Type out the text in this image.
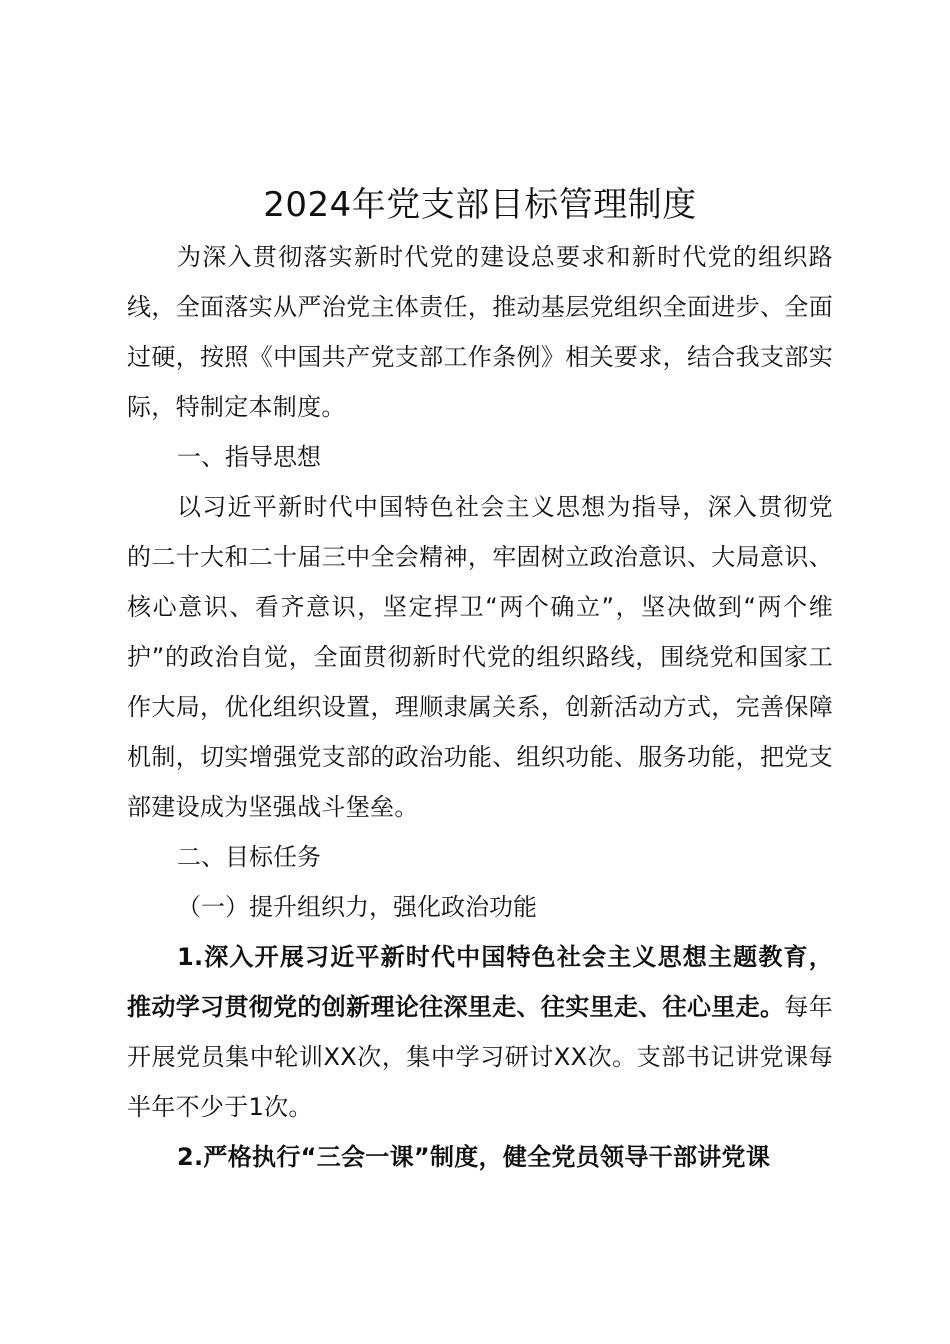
2024年党支部目标管理制度

为深入贯彻落实新时代党的建设总要求和新时代党的组织路线，全面落实从严治党主体责任，推动基层党组织全面进步、全面过硬，按照《中国共产党支部工作条例》相关要求，结合我支部实际，特制定本制度。

一、指导思想

以习近平新时代中国特色社会主义思想为指导，深入贯彻党的二十大和二十届三中全会精神，牢固树立政治意识、大局意识、核心意识、看齐意识，坚定捍卫“两个确立”，坚决做到“两个维护”的政治自觉，全面贯彻新时代党的组织路线，围绕党和国家工作大局，优化组织设置，理顺隶属关系，创新活动方式，完善保障机制，切实增强党支部的政治功能、组织功能、服务功能，把党支部建设成为坚强战斗堡垒。

二、目标任务

（一）提升组织力，强化政治功能

1.深入开展习近平新时代中国特色社会主义思想主题教育，推动学习贯彻党的创新理论往深里走、往实里走、往心里走。每年开展党员集中轮训XX次，集中学习研讨XX次。支部书记讲党课每半年不少于1次。

2.严格执行“三会一课”制度，健全党员领导干部讲党课
